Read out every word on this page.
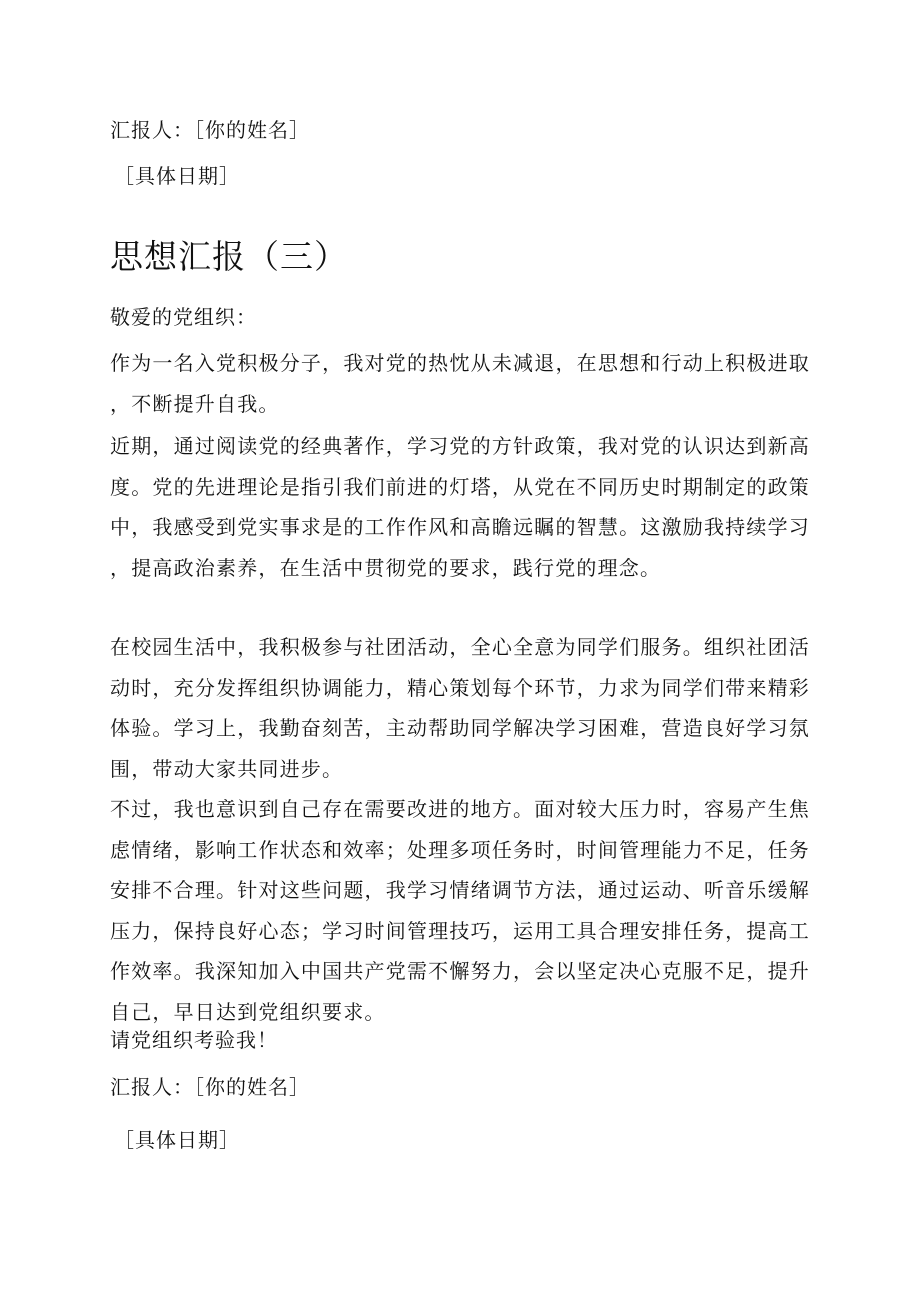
汇报人：［你的姓名］
［具体日期］
思想汇报（三）
敬爱的党组织：
作为一名入党积极分子，我对党的热忱从未减退，在思想和行动上积极进取，不断提升自我。
近期，通过阅读党的经典著作，学习党的方针政策，我对党的认识达到新高度。党的先进理论是指引我们前进的灯塔，从党在不同历史时期制定的政策中，我感受到党实事求是的工作作风和高瞻远瞩的智慧。这激励我持续学习，提高政治素养，在生活中贯彻党的要求，践行党的理念。
在校园生活中，我积极参与社团活动，全心全意为同学们服务。组织社团活动时，充分发挥组织协调能力，精心策划每个环节，力求为同学们带来精彩体验。学习上，我勤奋刻苦，主动帮助同学解决学习困难，营造良好学习氛围，带动大家共同进步。
不过，我也意识到自己存在需要改进的地方。面对较大压力时，容易产生焦虑情绪，影响工作状态和效率；处理多项任务时，时间管理能力不足，任务安排不合理。针对这些问题，我学习情绪调节方法，通过运动、听音乐缓解压力，保持良好心态；学习时间管理技巧，运用工具合理安排任务，提高工作效率。我深知加入中国共产党需不懈努力，会以坚定决心克服不足，提升自己，早日达到党组织要求。
请党组织考验我！
汇报人：［你的姓名］
［具体日期］
